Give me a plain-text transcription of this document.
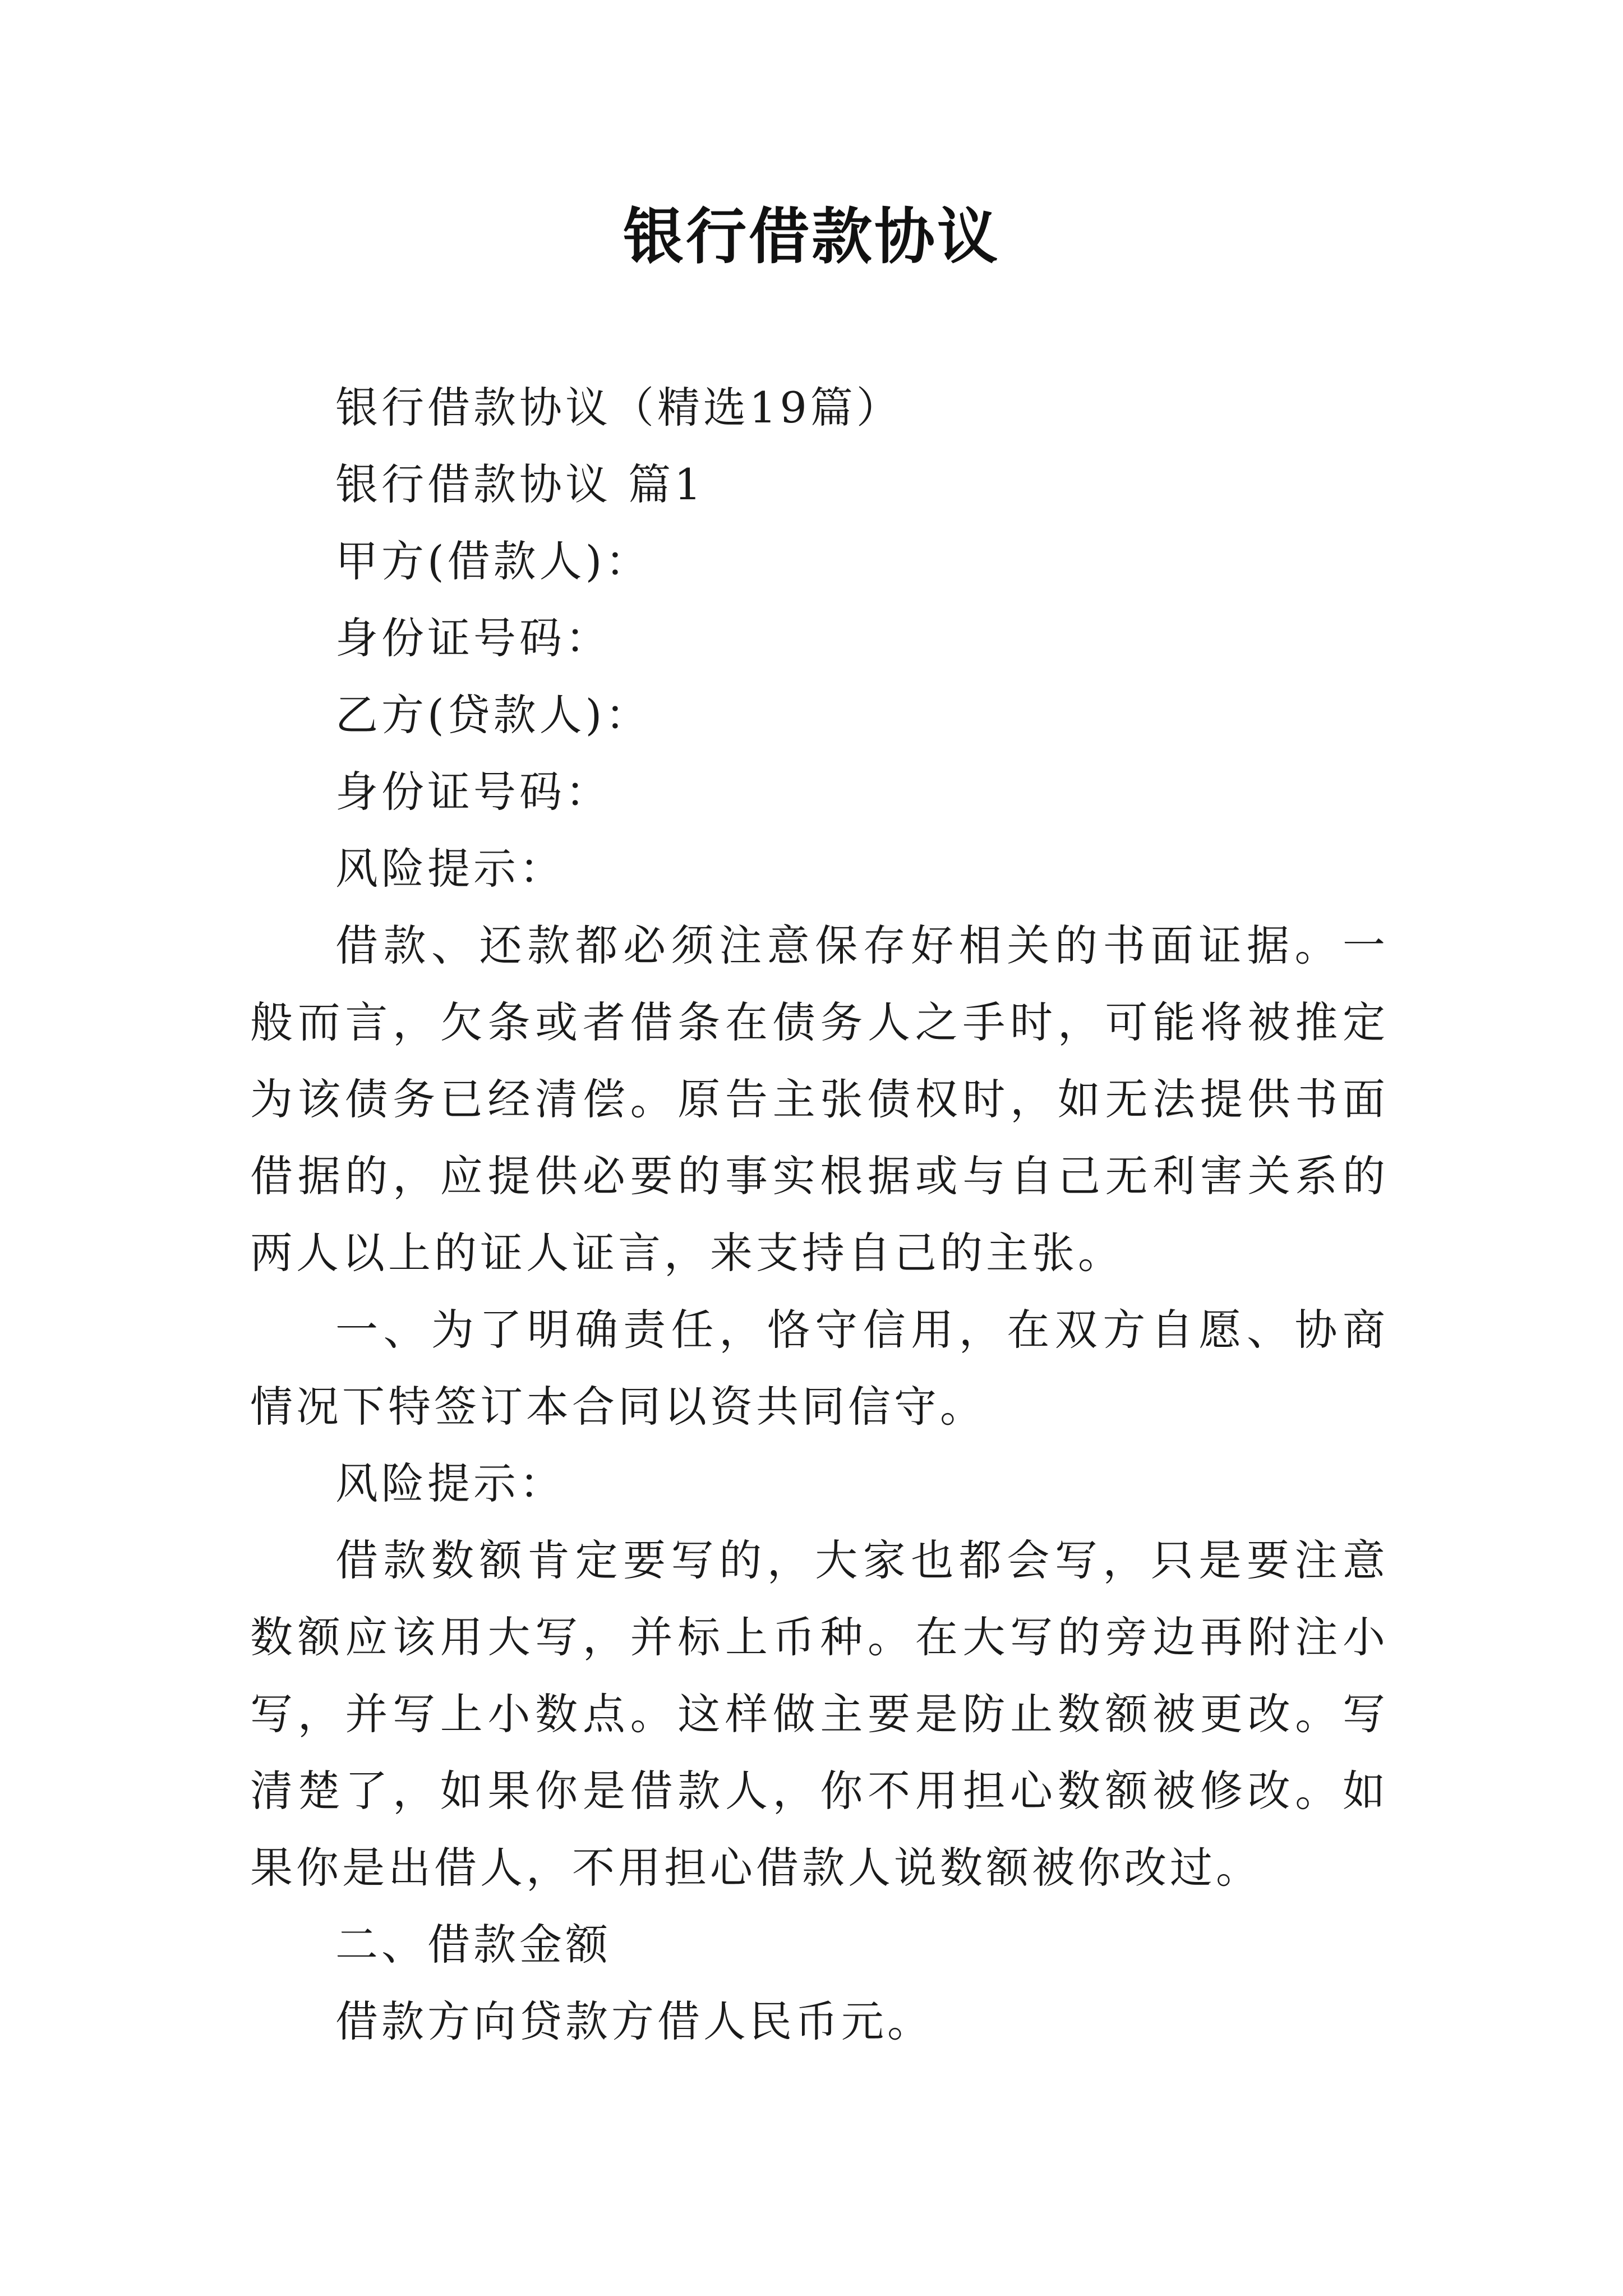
银行借款协议

银行借款协议（精选19篇）

银行借款协议 篇1

甲方(借款人)：

身份证号码：

乙方(贷款人)：

身份证号码：

风险提示：

借款、还款都必须注意保存好相关的书面证据。一般而言，欠条或者借条在债务人之手时，可能将被推定为该债务已经清偿。原告主张债权时，如无法提供书面借据的，应提供必要的事实根据或与自己无利害关系的两人以上的证人证言，来支持自己的主张。

一、为了明确责任，恪守信用，在双方自愿、协商情况下特签订本合同以资共同信守。

风险提示：

借款数额肯定要写的，大家也都会写，只是要注意数额应该用大写，并标上币种。在大写的旁边再附注小写，并写上小数点。这样做主要是防止数额被更改。写清楚了，如果你是借款人，你不用担心数额被修改。如果你是出借人，不用担心借款人说数额被你改过。

二、借款金额

借款方向贷款方借人民币元。
